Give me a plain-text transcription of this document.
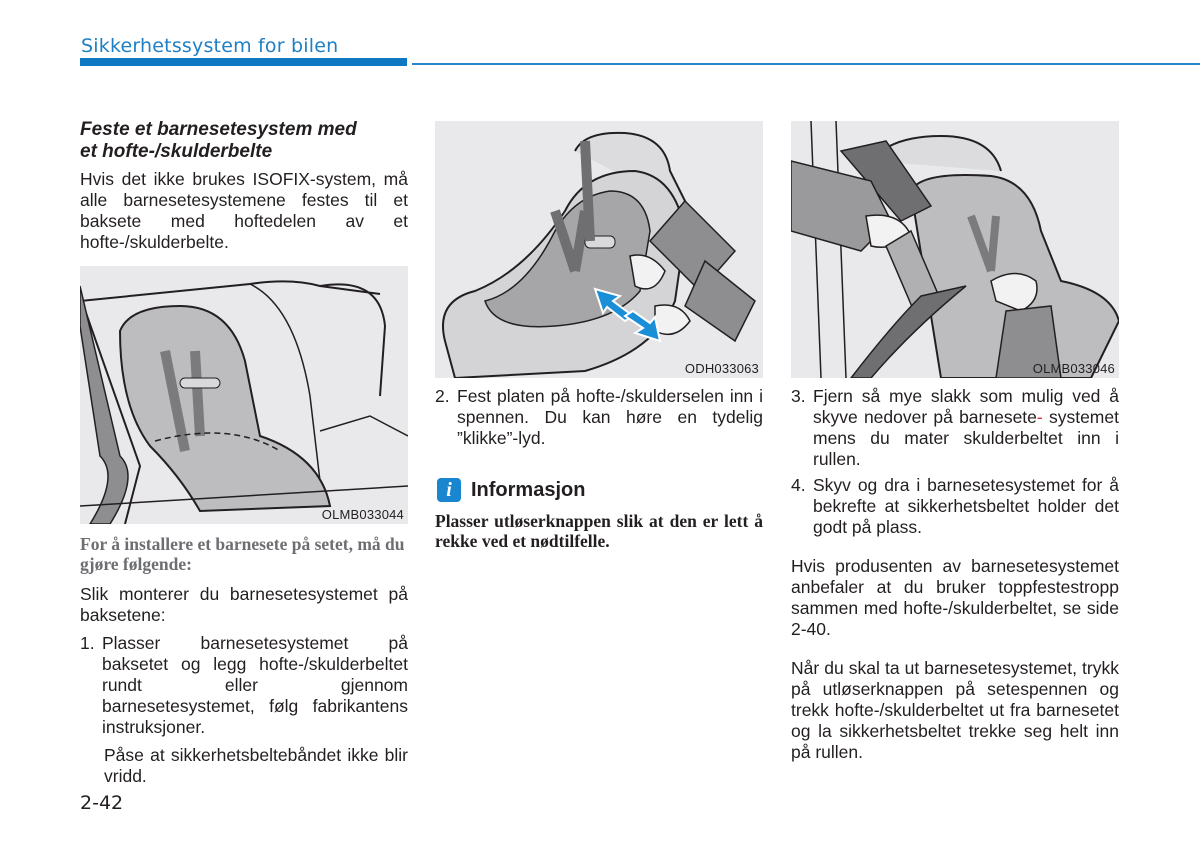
Sikkerhetssystem for bilen
Feste et barnesetesystem med
et hofte-/skulderbelte

Hvis det ikke brukes ISOFIX-system, må alle barnesetesystemene festes til et baksete med hoftedelen av et hofte-/skulderbelte.

OLMB033044
For å installere et barnesete på setet, må du gjøre følgende:

Slik monterer du barnesetesystemet på baksetene:

1. Plasser barnesetesystemet på baksetet og legg hofte-/skulderbeltet rundt eller gjennom barnesetesystemet, følg fabrikantens instruksjoner.
Påse at sikkerhetsbeltebåndet ikke blir vridd.
2-42
ODH033063
2. Fest platen på hofte-/skulderselen inn i spennen. Du kan høre en tydelig ”klikke”-lyd.
i Informasjon
Plasser utløserknappen slik at den er lett å rekke ved et nødtilfelle.
OLMB033046
3. Fjern så mye slakk som mulig ved å skyve nedover på barnesete- systemet mens du mater skulderbeltet inn i rullen.
4. Skyv og dra i barnesetesystemet for å bekrefte at sikkerhetsbeltet holder det godt på plass.

Hvis produsenten av barnesetesystemet anbefaler at du bruker toppfestestropp sammen med hofte-/skulderbeltet, se side 2-40.

Når du skal ta ut barnesetesystemet, trykk på utløserknappen på setespennen og trekk hofte-/skulderbeltet ut fra barnesetet og la sikkerhetsbeltet trekke seg helt inn på rullen.
